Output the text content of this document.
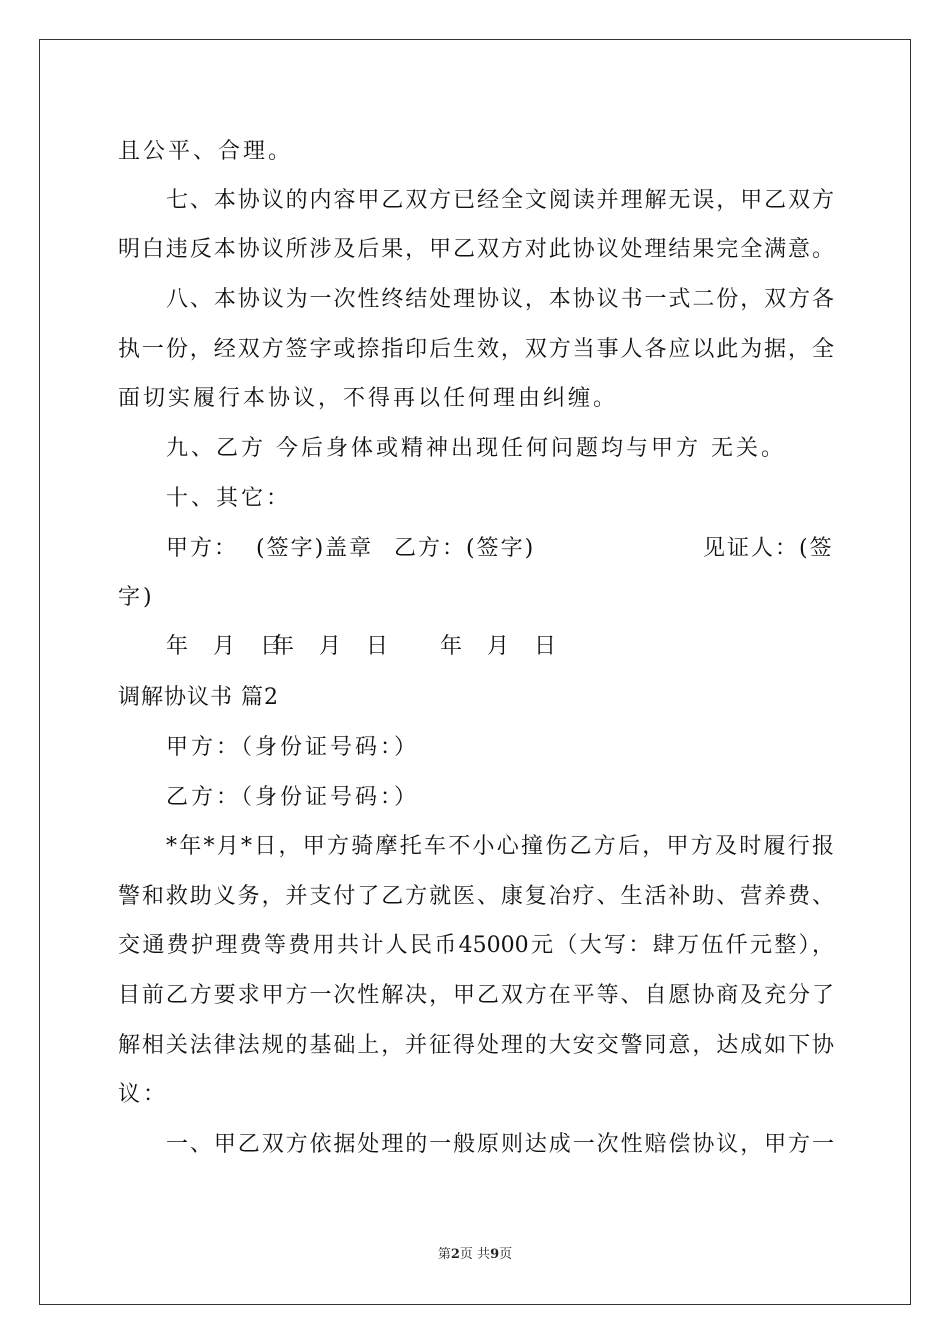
且公平、合理。
七、本协议的内容甲乙双方已经全文阅读并理解无误，甲乙双方
明白违反本协议所涉及后果，甲乙双方对此协议处理结果完全满意。
八、本协议为一次性终结处理协议，本协议书一式二份，双方各
执一份，经双方签字或捺指印后生效，双方当事人各应以此为据，全
面切实履行本协议，不得再以任何理由纠缠。
九、乙方 今后身体或精神出现任何问题均与甲方 无关。
十、其它：
甲方：  (签字)盖章 乙方：(签字)	见证人：(签
字)
年 月 日
年 月 日 年 月 日
调解协议书 篇2
甲方：（身份证号码：）
乙方：（身份证号码：）
*年*月*日，甲方骑摩托车不小心撞伤乙方后，甲方及时履行报
警和救助义务，并支付了乙方就医、康复冶疗、生活补助、营养费、
交通费护理费等费用共计人民币45000元（大写：肆万伍仟元整），
目前乙方要求甲方一次性解决，甲乙双方在平等、自愿协商及充分了
解相关法律法规的基础上，并征得处理的大安交警同意，达成如下协
议：
一、甲乙双方依据处理的一般原则达成一次性赔偿协议，甲方一
第2页 共9页
